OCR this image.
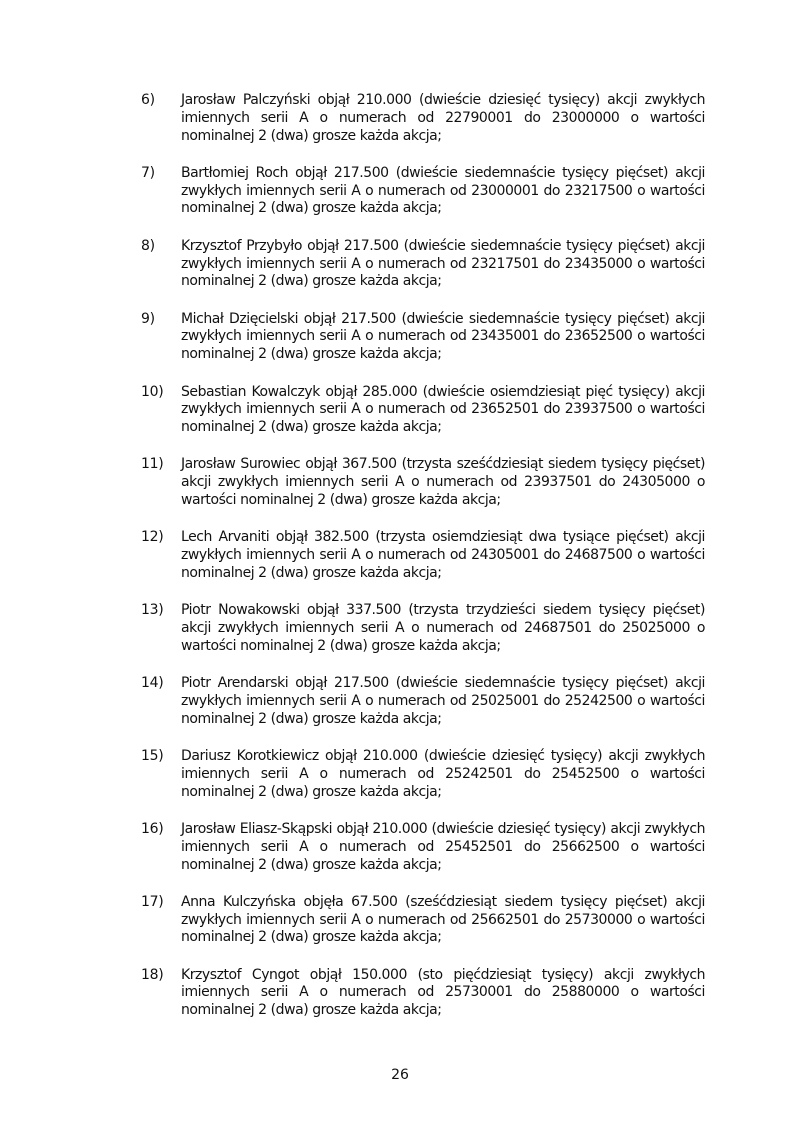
6)	Jarosław Palczyński objął 210.000 (dwieście dziesięć tysięcy) akcji zwykłych imiennych serii A o numerach od 22790001 do 23000000 o wartości nominalnej 2 (dwa) grosze każda akcja;
7)	Bartłomiej Roch objął 217.500 (dwieście siedemnaście tysięcy pięćset) akcji zwykłych imiennych serii A o numerach od 23000001 do 23217500 o wartości nominalnej 2 (dwa) grosze każda akcja;
8)	Krzysztof Przybyło objął 217.500 (dwieście siedemnaście tysięcy pięćset) akcji zwykłych imiennych serii A o numerach od 23217501 do 23435000 o wartości nominalnej 2 (dwa) grosze każda akcja;
9)	Michał Dzięcielski objął 217.500 (dwieście siedemnaście tysięcy pięćset) akcji zwykłych imiennych serii A o numerach od 23435001 do 23652500 o wartości nominalnej 2 (dwa) grosze każda akcja;
10)	Sebastian Kowalczyk objął 285.000 (dwieście osiemdziesiąt pięć tysięcy) akcji zwykłych imiennych serii A o numerach od 23652501 do 23937500 o wartości nominalnej 2 (dwa) grosze każda akcja;
11)	Jarosław Surowiec objął 367.500 (trzysta sześćdziesiąt siedem tysięcy pięćset) akcji zwykłych imiennych serii A o numerach od 23937501 do 24305000 o wartości nominalnej 2 (dwa) grosze każda akcja;
12)	Lech Arvaniti objął 382.500 (trzysta osiemdziesiąt dwa tysiące pięćset) akcji zwykłych imiennych serii A o numerach od 24305001 do 24687500 o wartości nominalnej 2 (dwa) grosze każda akcja;
13)	Piotr Nowakowski objął 337.500 (trzysta trzydzieści siedem tysięcy pięćset) akcji zwykłych imiennych serii A o numerach od 24687501 do 25025000 o wartości nominalnej 2 (dwa) grosze każda akcja;
14)	Piotr Arendarski objął 217.500 (dwieście siedemnaście tysięcy pięćset) akcji zwykłych imiennych serii A o numerach od 25025001 do 25242500 o wartości nominalnej 2 (dwa) grosze każda akcja;
15)	Dariusz Korotkiewicz objął 210.000 (dwieście dziesięć tysięcy) akcji zwykłych imiennych serii A o numerach od 25242501 do 25452500 o wartości nominalnej 2 (dwa) grosze każda akcja;
16)	Jarosław Eliasz-Skąpski objął 210.000 (dwieście dziesięć tysięcy) akcji zwykłych imiennych serii A o numerach od 25452501 do 25662500 o wartości nominalnej 2 (dwa) grosze każda akcja;
17)	Anna Kulczyńska objęła 67.500 (sześćdziesiąt siedem tysięcy pięćset) akcji zwykłych imiennych serii A o numerach od 25662501 do 25730000 o wartości nominalnej 2 (dwa) grosze każda akcja;
18)	Krzysztof Cyngot objął 150.000 (sto pięćdziesiąt tysięcy) akcji zwykłych imiennych serii A o numerach od 25730001 do 25880000 o wartości nominalnej 2 (dwa) grosze każda akcja;
26
